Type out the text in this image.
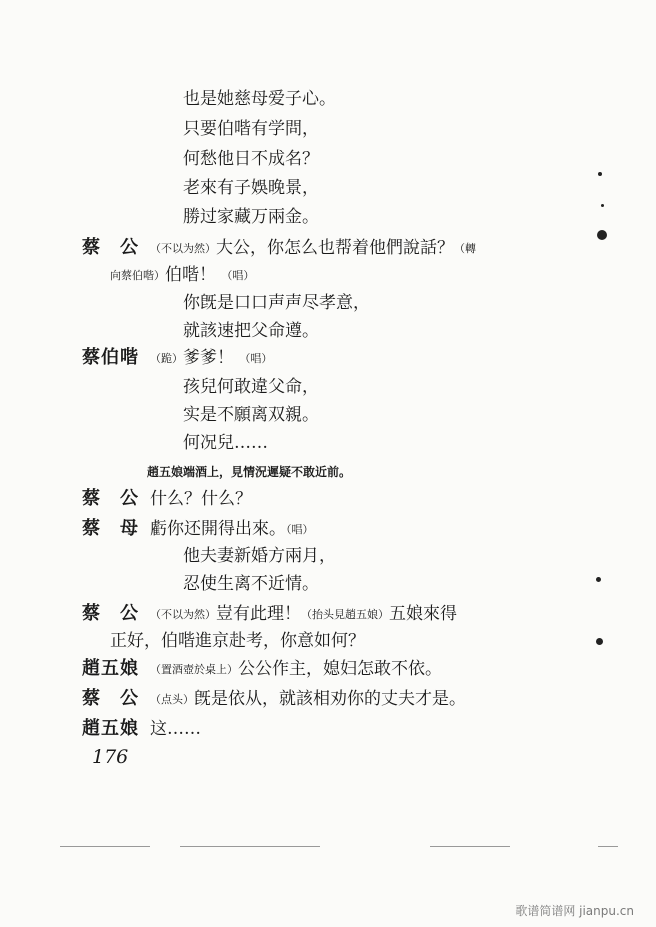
也是她慈母爱子心。
只要伯喈有学問，
何愁他日不成名？
老來有子娛晚景，
勝过家藏万兩金。
蔡　公 （不以为然）大公，你怎么也帮着他們說話？（轉
向蔡伯喈）伯喈！ （唱）
你旣是口口声声尽孝意，
就該速把父命遵。
蔡伯喈 （跪）爹爹！ （唱）
孩兒何敢違父命，
实是不願离双親。
何况兒……
趙五娘端酒上，見情況遲疑不敢近前。
蔡　公 什么？什么？
蔡　母 虧你还開得出來。（唱）
他夫妻新婚方兩月，
忍使生离不近情。
蔡　公 （不以为然）豈有此理！（抬头見趙五娘）五娘來得
正好，伯喈進京赴考，你意如何？
趙五娘 （置酒壺於桌上）公公作主，媳妇怎敢不依。
蔡　公 （点头）旣是依从，就該相劝你的丈夫才是。
趙五娘 这……
176
歌谱简谱网 jianpu.cn
